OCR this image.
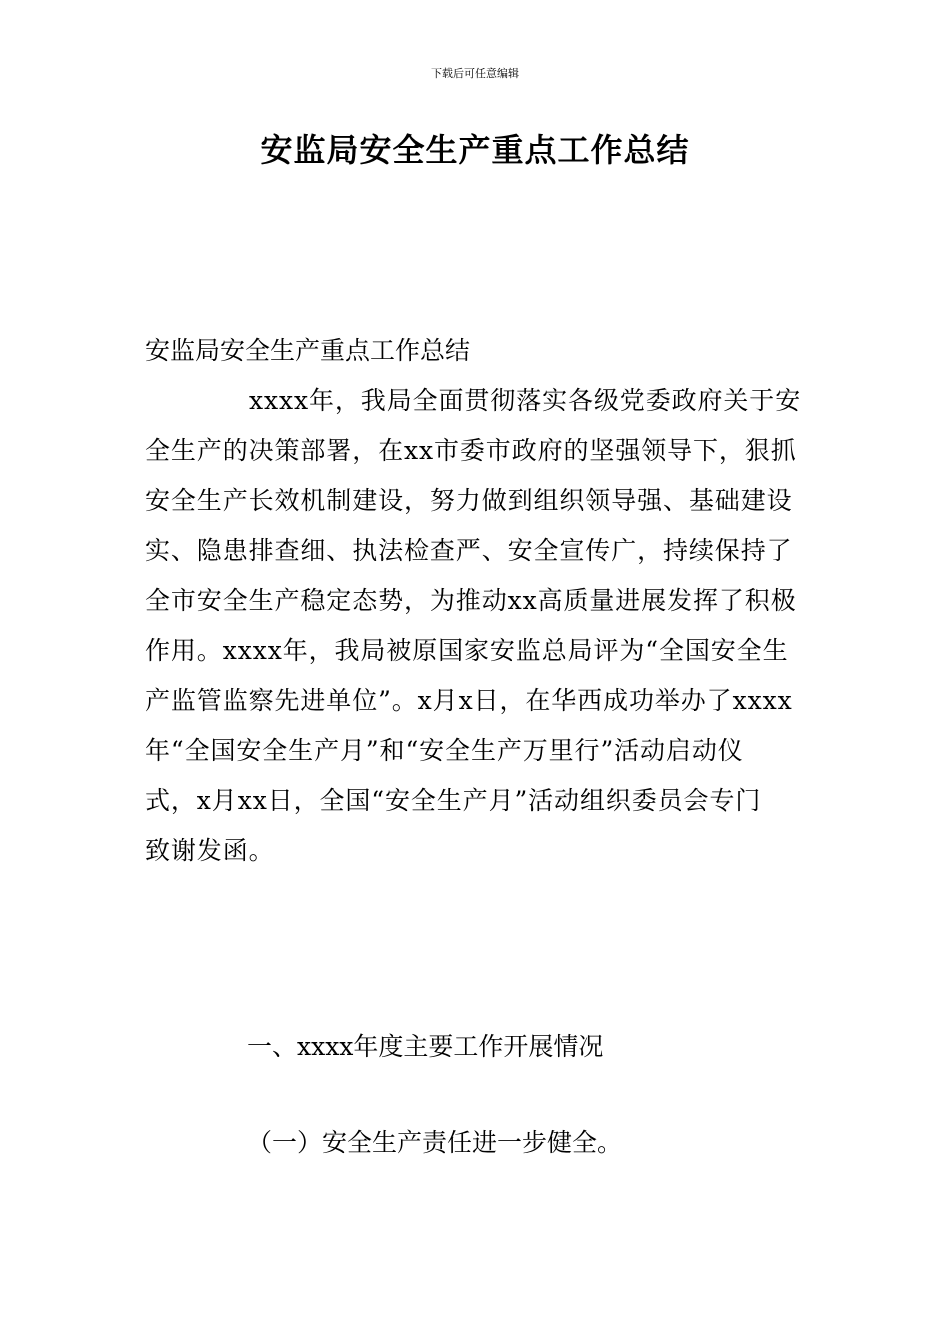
下载后可任意编辑
安监局安全生产重点工作总结
安监局安全生产重点工作总结
xxxx年，我局全面贯彻落实各级党委政府关于安
全生产的决策部署，在xx市委市政府的坚强领导下，狠抓
安全生产长效机制建设，努力做到组织领导强、基础建设
实、隐患排查细、执法检查严、安全宣传广，持续保持了
全市安全生产稳定态势，为推动xx高质量进展发挥了积极
作用。xxxx年，我局被原国家安监总局评为“全国安全生
产监管监察先进单位”。x月x日，在华西成功举办了xxxx
年“全国安全生产月”和“安全生产万里行”活动启动仪
式，x月xx日，全国“安全生产月”活动组织委员会专门
致谢发函。
一、xxxx年度主要工作开展情况
（一）安全生产责任进一步健全。
